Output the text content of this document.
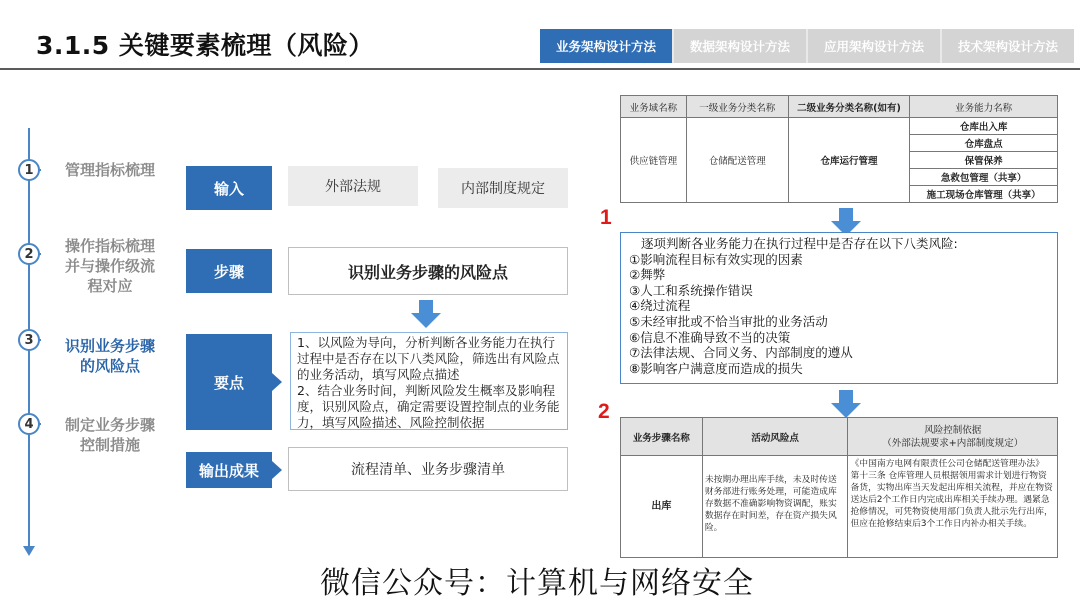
3.1.5 关键要素梳理（风险）	业务架构设计方法	数据架构设计方法	应用架构设计方法	技术架构设计方法
1	管理指标梳理
2	操作指标梳理并与操作级流程对应
3	识别业务步骤的风险点
4	制定业务步骤控制措施
输入	外部法规	内部制度规定
步骤	识别业务步骤的风险点
要点

1、以风险为导向，分析判断各业务能力在执行过程中是否存在以下八类风险，筛选出有风险点的业务活动，填写风险点描述

2、结合业务时间，判断风险发生概率及影响程度，识别风险点，确定需要设置控制点的业务能力，填写风险描述、风险控制依据

输出成果	流程清单、业务步骤清单
业务域名称	一级业务分类名称	二级业务分类名称(如有)	业务能力名称
供应链管理	仓储配送管理	仓库运行管理	仓库出入库
			仓库盘点
			保管保养
			急救包管理（共享）
			施工现场仓库管理（共享）
1

逐项判断各业务能力在执行过程中是否存在以下八类风险:

①影响流程目标有效实现的因素

②舞弊

③人工和系统操作错误

④绕过流程

⑤未经审批或不恰当审批的业务活动

⑥信息不准确导致不当的决策

⑦法律法规、合同义务、内部制度的遵从

⑧影响客户满意度而造成的损失

2
业务步骤名称	活动风险点	风险控制依据
（外部法规要求+内部制度规定）
出库	未按期办理出库手续，未及时传送财务部进行账务处理，可能造成库存数据不准确影响物资调配，账实数据存在时间差，存在资产损失风险。	《中国南方电网有限责任公司仓储配送管理办法》
第十三条 仓库管理人员根据领用需求计划进行物资备货，实物出库当天发起出库相关流程，并应在物资送达后2个工作日内完成出库相关手续办理。遇紧急抢修情况，可凭物资使用部门负责人批示先行出库，但应在抢修结束后3个工作日内补办相关手续。
微信公众号：计算机与网络安全
